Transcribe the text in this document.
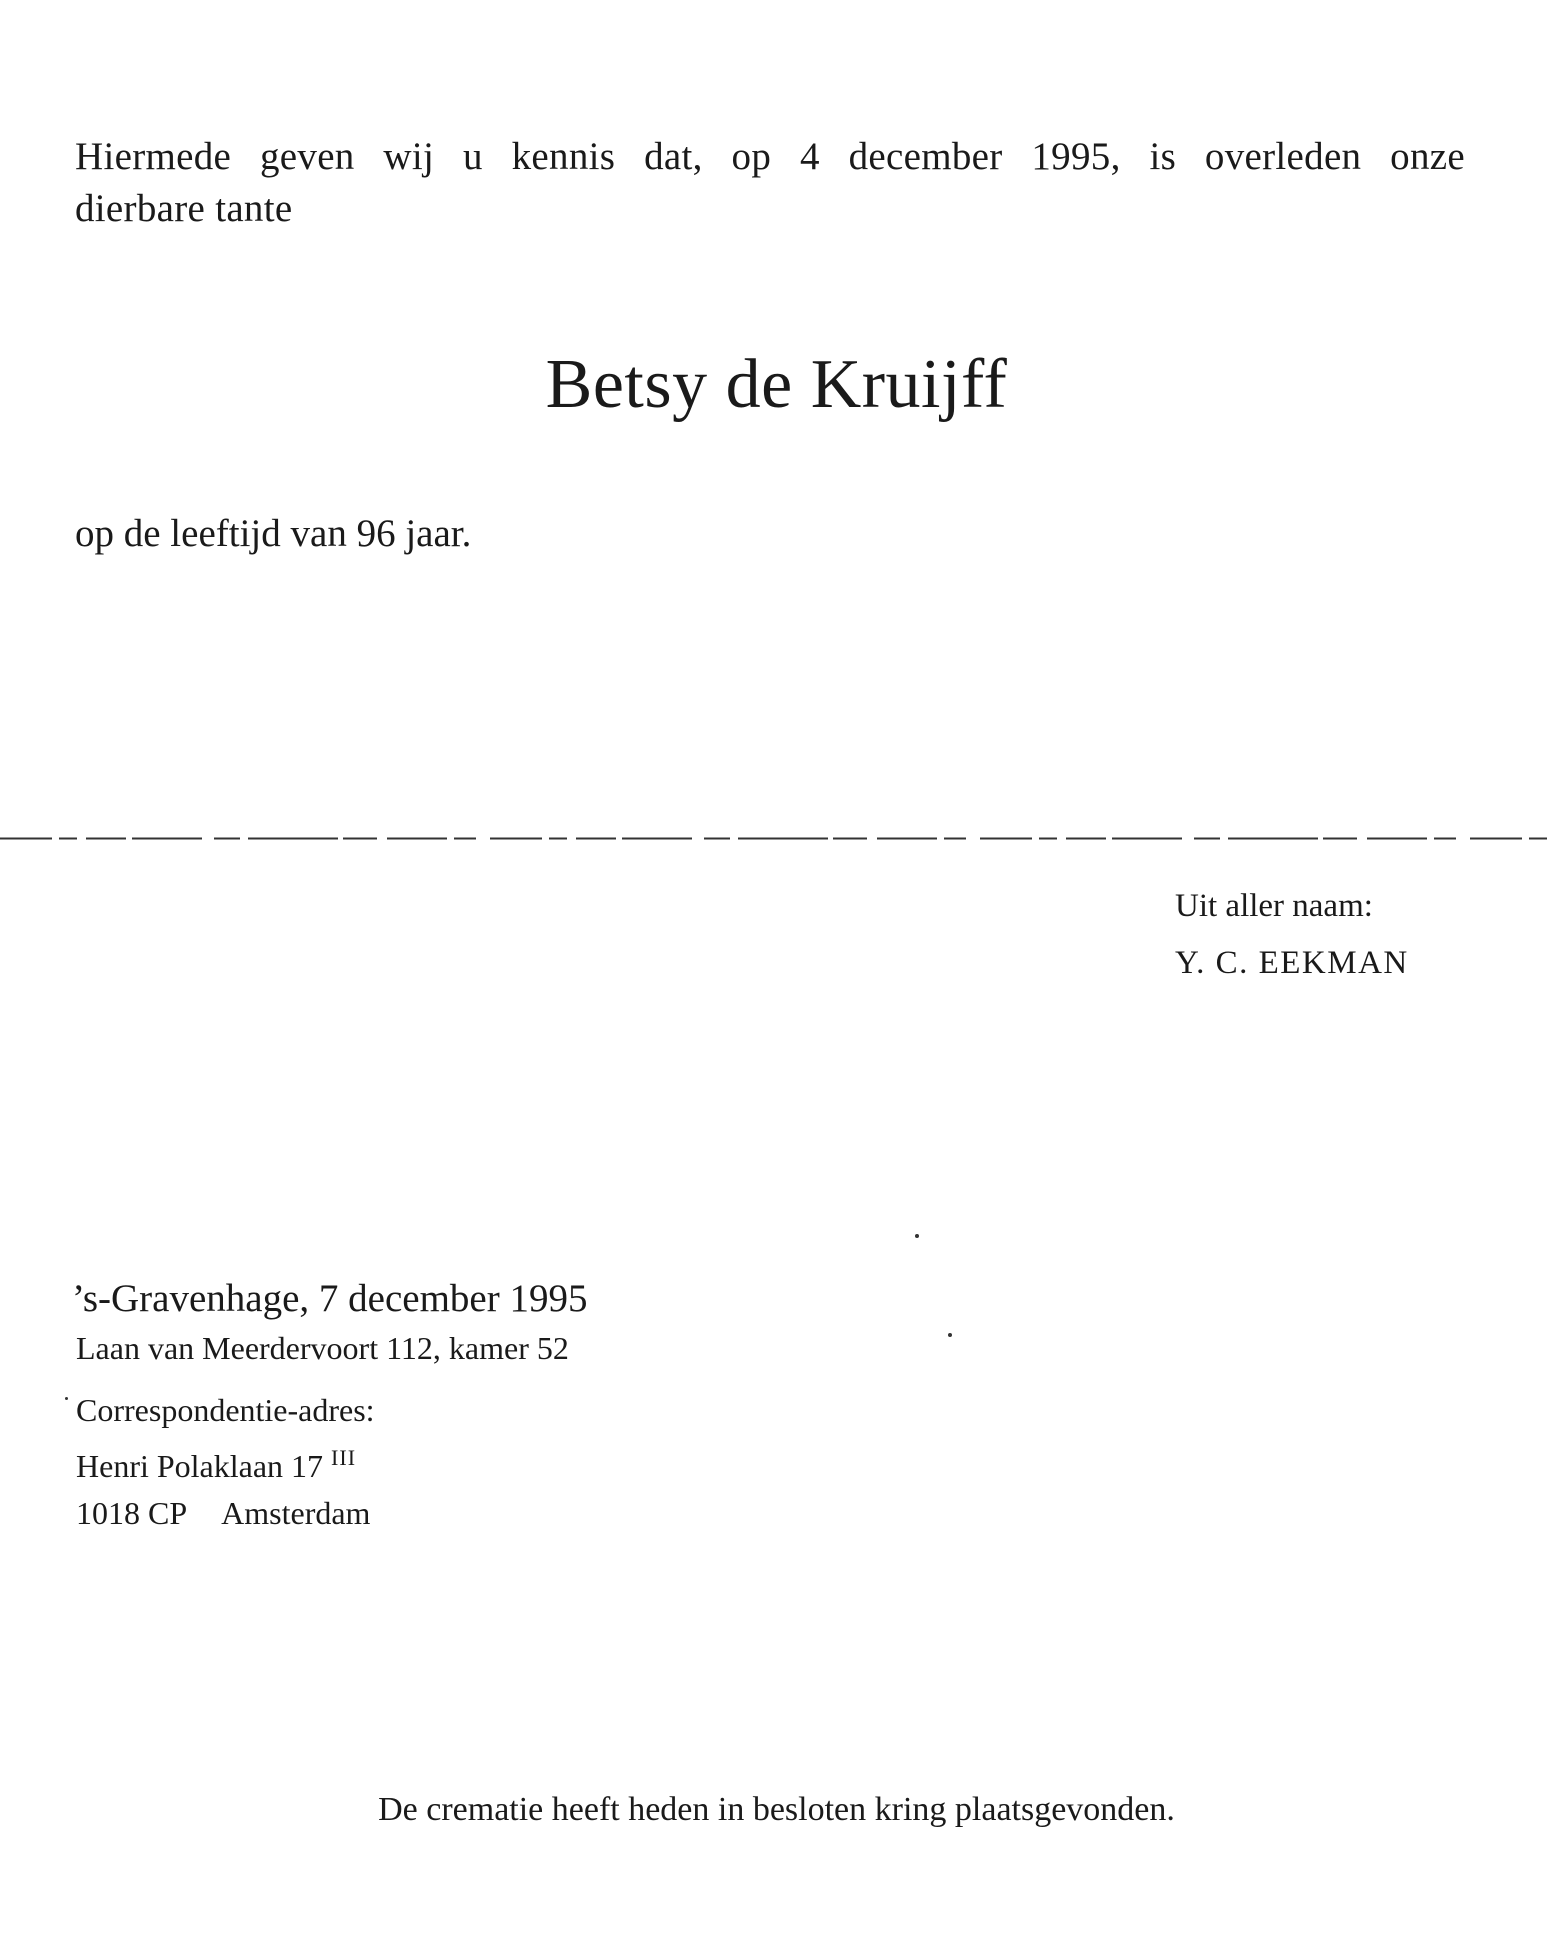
Hiermede geven wij u kennis dat, op 4 december 1995, is overleden onze
dierbare tante
Betsy de Kruijff
op de leeftijd van 96 jaar.
Uit aller naam:
Y. C. EEKMAN
’s-Gravenhage, 7 december 1995
Laan van Meerdervoort 112, kamer 52
Correspondentie-adres:
Henri Polaklaan 17 $^{III}$
1018 CP Amsterdam
De crematie heeft heden in besloten kring plaatsgevonden.
